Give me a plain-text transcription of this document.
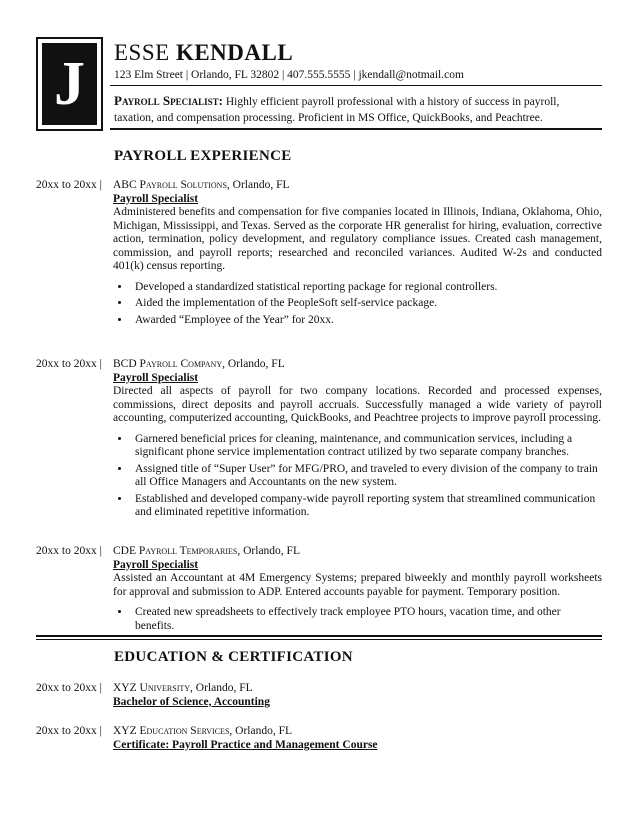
J	ESSE KENDALL
123 Elm Street | Orlando, FL 32802 | 407.555.5555 | jkendall@notmail.com
Payroll Specialist: Highly efficient payroll professional with a history of success in payroll, taxation, and compensation processing. Proficient in MS Office, QuickBooks, and Peachtree.
PAYROLL EXPERIENCE
20xx to 20xx | ABC Payroll Solutions, Orlando, FL
Payroll Specialist
Administered benefits and compensation for five companies located in Illinois, Indiana, Oklahoma, Ohio, Michigan, Mississippi, and Texas. Served as the corporate HR generalist for hiring, evaluation, corrective action, termination, policy development, and regulatory compliance issues. Created cash management, commission, and payroll reports; researched and reconciled variances. Audited W-2s and conducted 401(k) census reporting.
• Developed a standardized statistical reporting package for regional controllers.
• Aided the implementation of the PeopleSoft self-service package.
• Awarded “Employee of the Year” for 20xx.
20xx to 20xx | BCD Payroll Company, Orlando, FL
Payroll Specialist
Directed all aspects of payroll for two company locations. Recorded and processed expenses, commissions, direct deposits and payroll accruals. Successfully managed a wide variety of payroll accounting, computerized accounting, QuickBooks, and Peachtree projects to improve payroll processing.
• Garnered beneficial prices for cleaning, maintenance, and communication services, including a significant phone service implementation contract utilized by two separate company branches.
• Assigned title of “Super User” for MFG/PRO, and traveled to every division of the company to train all Office Managers and Accountants on the new system.
• Established and developed company-wide payroll reporting system that streamlined communication and eliminated repetitive information.
20xx to 20xx | CDE Payroll Temporaries, Orlando, FL
Payroll Specialist
Assisted an Accountant at 4M Emergency Systems; prepared biweekly and monthly payroll worksheets for approval and submission to ADP. Entered accounts payable for payment. Temporary position.
• Created new spreadsheets to effectively track employee PTO hours, vacation time, and other benefits.
EDUCATION & CERTIFICATION
20xx to 20xx | XYZ University, Orlando, FL
Bachelor of Science, Accounting
20xx to 20xx | XYZ Education Services, Orlando, FL
Certificate: Payroll Practice and Management Course
